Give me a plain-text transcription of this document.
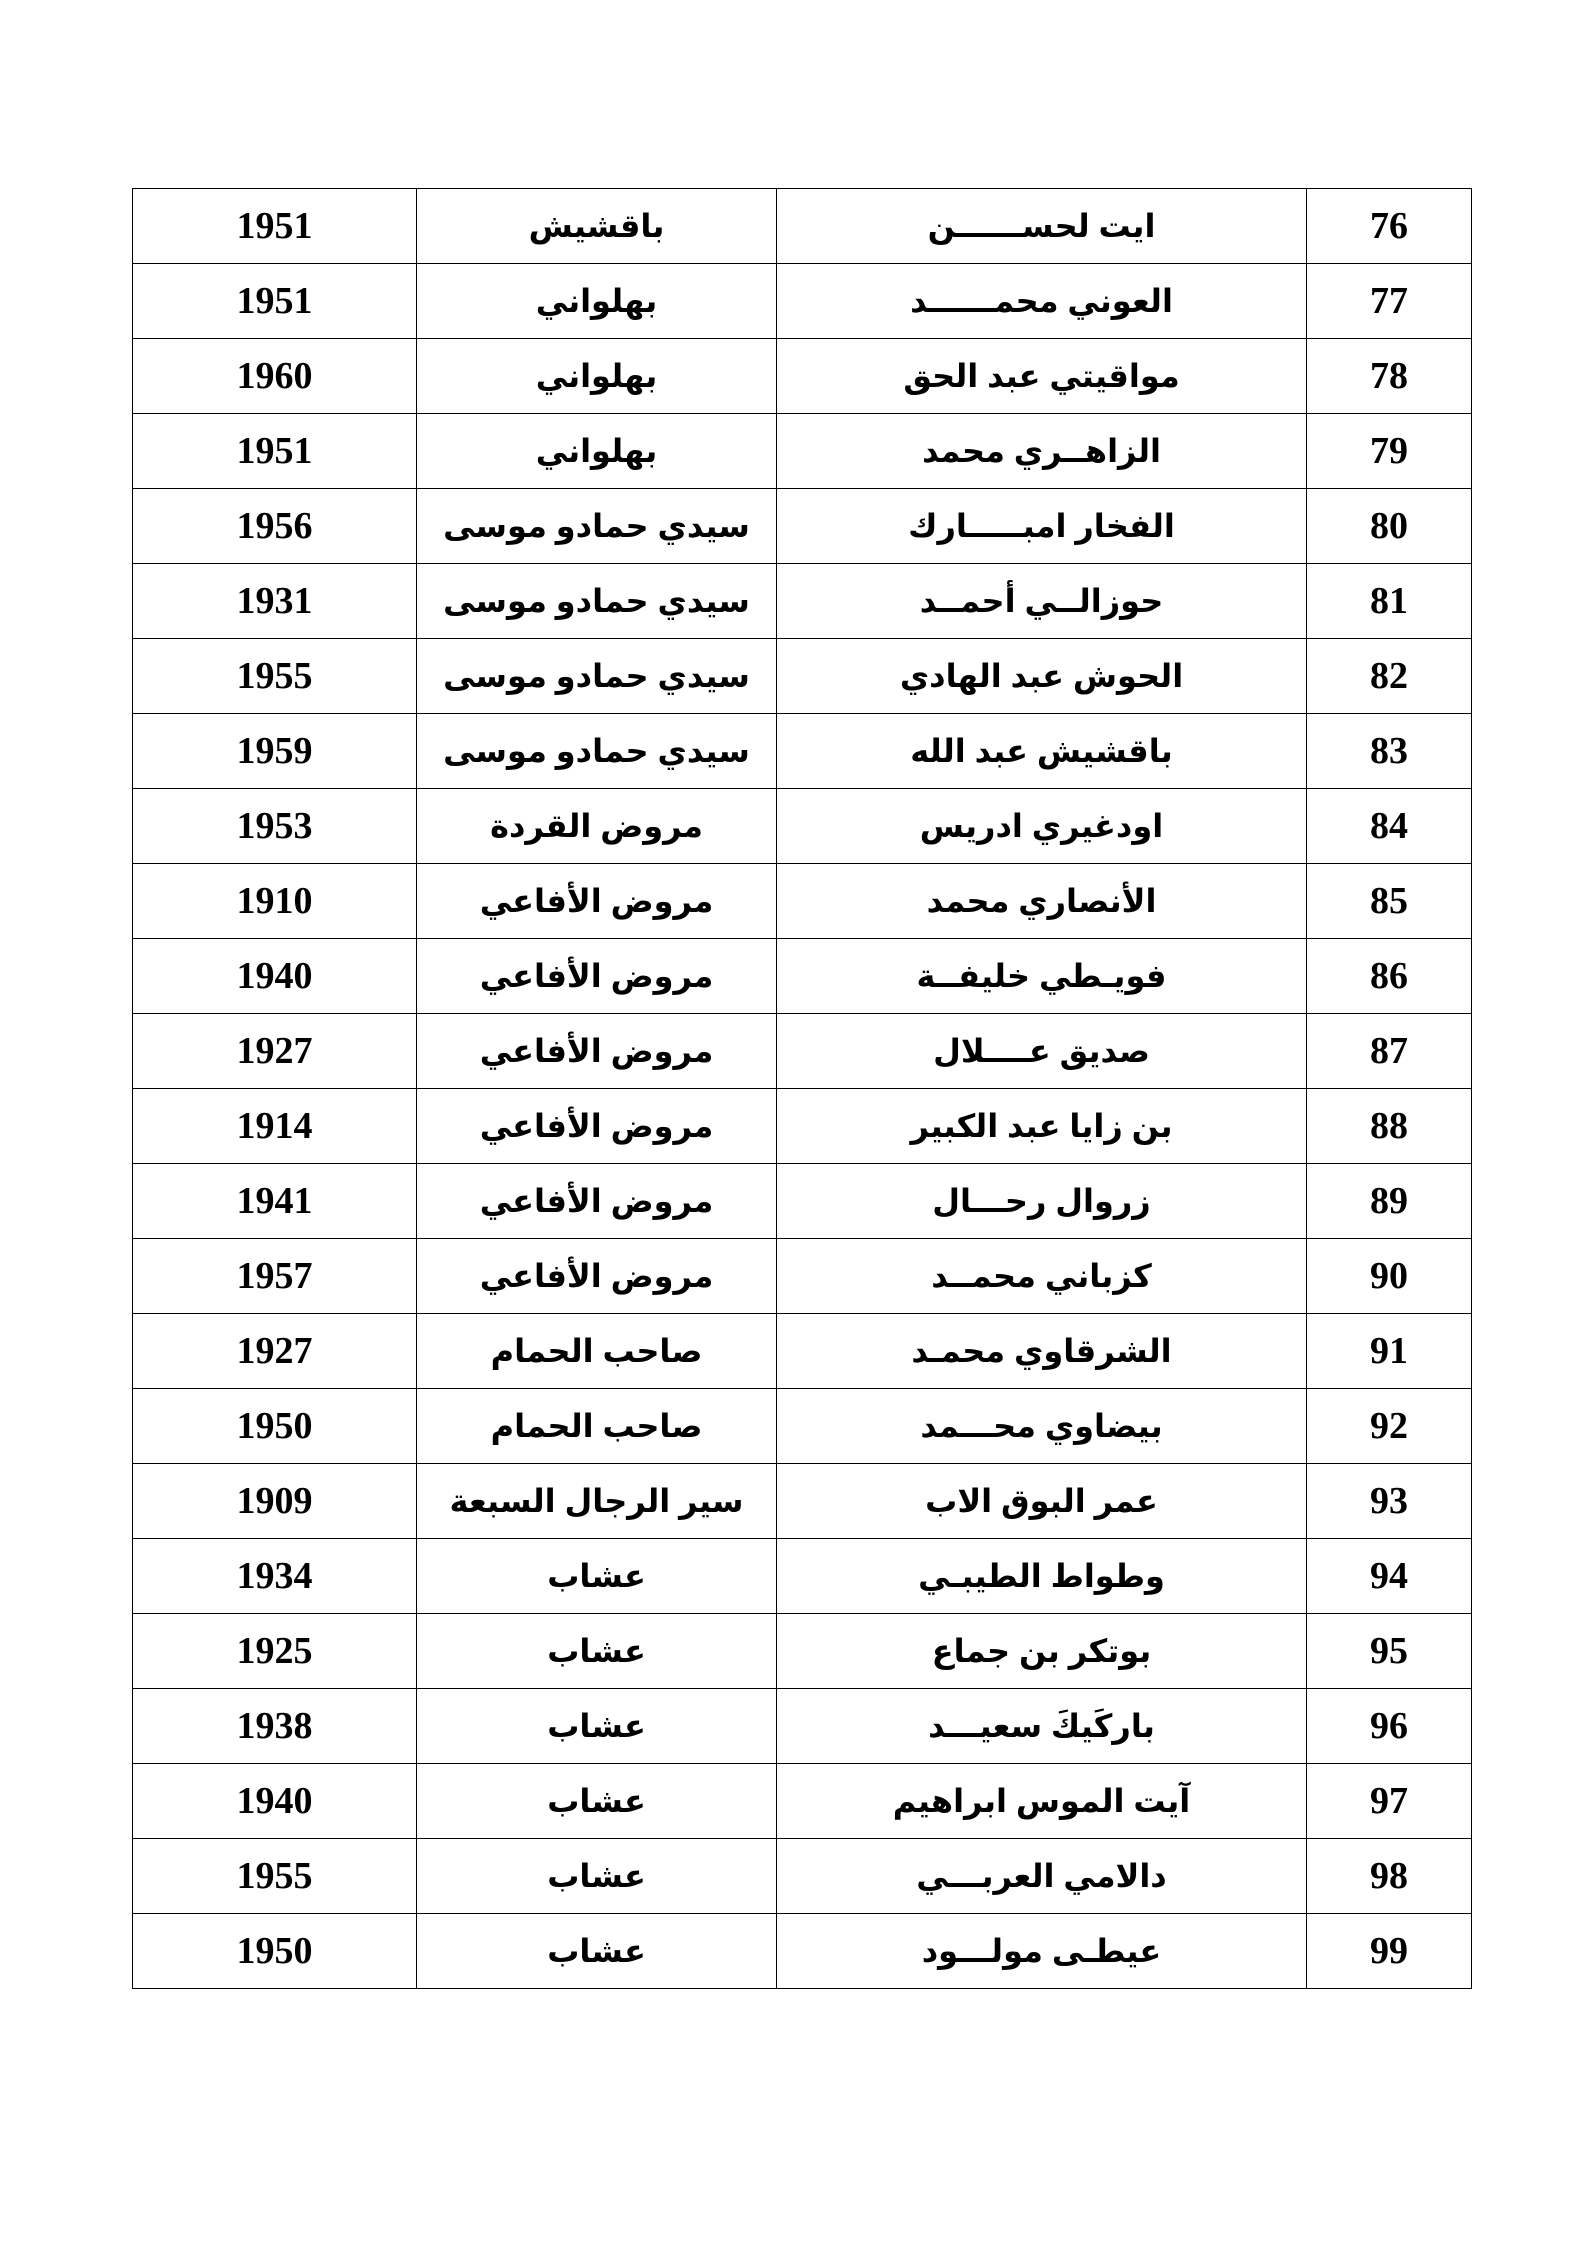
1951	باقشيش	ايت لحســــــن	76
1951	بهلواني	العوني محمــــــد	77
1960	بهلواني	مواقيتي عبد الحق	78
1951	بهلواني	الزاهــري محمد	79
1956	سيدي حمادو موسى	الفخار امبـــــارك	80
1931	سيدي حمادو موسى	حوزالــي أحمــد	81
1955	سيدي حمادو موسى	الحوش عبد الهادي	82
1959	سيدي حمادو موسى	باقشيش عبد الله	83
1953	مروض القردة	اودغيري ادريس	84
1910	مروض الأفاعي	الأنصاري محمد	85
1940	مروض الأفاعي	فويـطي خليفــة	86
1927	مروض الأفاعي	صديق عــــلال	87
1914	مروض الأفاعي	بن زايا عبد الكبير	88
1941	مروض الأفاعي	زروال رحـــال	89
1957	مروض الأفاعي	كزباني محمــد	90
1927	صاحب الحمام	الشرقاوي محمـد	91
1950	صاحب الحمام	بيضاوي محـــمد	92
1909	سير الرجال السبعة	عمر البوق الاب	93
1934	عشاب	وطواط الطيبـي	94
1925	عشاب	بوتكر بن جماع	95
1938	عشاب	باركَيكَ سعيـــد	96
1940	عشاب	آيت الموس ابراهيم	97
1955	عشاب	دالامي العربـــي	98
1950	عشاب	عيطـى مولـــود	99
